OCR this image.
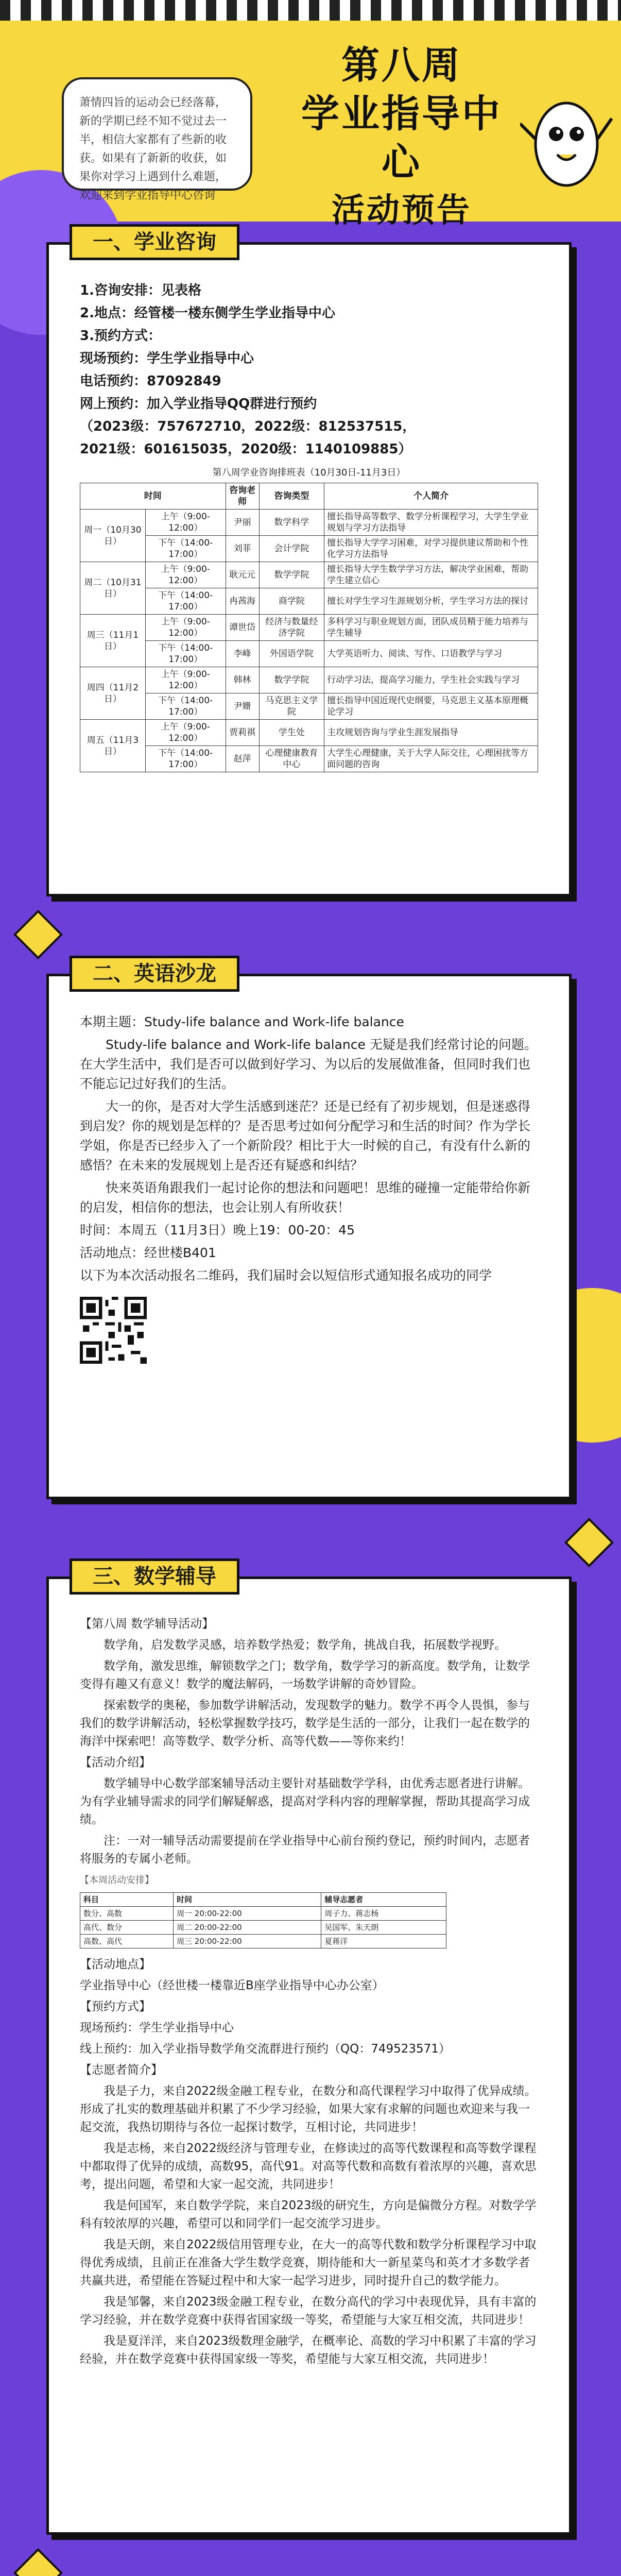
萧情四旨的运动会已经落幕，新的学期已经不知不觉过去一半，相信大家都有了些新的收获。如果有了新新的收获，如果你对学习上遇到什么难题，欢迎来到学业指导中心咨询
第八周
学业指导中心
活动预告
一、学业咨询

1.咨询安排：见表格

2.地点：经管楼一楼东侧学生学业指导中心

3.预约方式：

现场预约：学生学业指导中心

电话预约：87092849

网上预约：加入学业指导QQ群进行预约

（2023级：757672710，2022级：812537515，

2021级：601615035，2020级：1140109885）

第八周学业咨询排班表（10月30日-11月3日）
时间		咨询老师	咨询类型	个人简介
周一（10月30日）	上午（9:00-12:00）	尹丽	数学科学	擅长指导高等数学、数学分析课程学习，大学生学业规划与学习方法指导
	下午（14:00-17:00）	刘菲	会计学院	擅长指导大学学习困难，对学习提供建议帮助和个性化学习方法指导
周二（10月31日）	上午（9:00-12:00）	耿元元	数学学院	擅长指导大学生数学学习方法，解决学业困难，帮助学生建立信心
	下午（14:00-17:00）	冉茜海	商学院	擅长对学生学习生涯规划分析，学生学习方法的探讨
周三（11月1日）	上午（9:00-12:00）	谭世岱	经济与数量经济学院	多科学习与职业规划方面，团队成员精于能力培养与学生辅导
	下午（14:00-17:00）	李峰	外国语学院	大学英语听力、阅读、写作、口语教学与学习
周四（11月2日）	上午（9:00-12:00）	韩林	数学学院	行动学习法，提高学习能力，学生社会实践与学习
	下午（14:00-17:00）	尹姗	马克思主义学院	擅长指导中国近现代史纲要，马克思主义基本原理概论学习
周五（11月3日）	上午（9:00-12:00）	贾莉祺	学生处	主攻规划咨询与学业生涯发展指导
	下午（14:00-17:00）	赵萍	心理健康教育中心	大学生心理健康，关于大学人际交往，心理困扰等方面问题的咨询
二、英语沙龙

本期主题：Study-life balance and Work-life balance

Study-life balance and Work-life balance 无疑是我们经常讨论的问题。在大学生活中，我们是否可以做到好学习、为以后的发展做准备，但同时我们也不能忘记过好我们的生活。

大一的你，是否对大学生活感到迷茫？还是已经有了初步规划，但是迷惑得到启发？你的规划是怎样的？是否思考过如何分配学习和生活的时间？作为学长学姐，你是否已经步入了一个新阶段？相比于大一时候的自己，有没有什么新的感悟？在未来的发展规划上是否还有疑惑和纠结？

快来英语角跟我们一起讨论你的想法和问题吧！思维的碰撞一定能带给你新的启发，相信你的想法，也会让别人有所收获！

时间：本周五（11月3日）晚上19：00-20：45

活动地点：经世楼B401

以下为本次活动报名二维码，我们届时会以短信形式通知报名成功的同学

三、数学辅导

【第八周 数学辅导活动】

数学角，启发数学灵感，培养数学热爱；数学角，挑战自我，拓展数学视野。

数学角，激发思维，解锁数学之门；数学角，数学学习的新高度。数学角，让数学变得有趣又有意义！数学的魔法解码，一场数学讲解的奇妙冒险。

探索数学的奥秘，参加数学讲解活动，发现数学的魅力。数学不再令人畏惧，参与我们的数学讲解活动，轻松掌握数学技巧，数学是生活的一部分，让我们一起在数学的海洋中探索吧！高等数学、数学分析、高等代数——等你来约！

【活动介绍】

数学辅导中心数学部案辅导活动主要针对基础数学学科，由优秀志愿者进行讲解。为有学业辅导需求的同学们解疑解惑，提高对学科内容的理解掌握，帮助其提高学习成绩。

注：一对一辅导活动需要提前在学业指导中心前台预约登记，预约时间内，志愿者将服务的专属小老师。

【本周活动安排】

科目	时间	辅导志愿者
数分、高数	周一 20:00-22:00	周子力、蒋志杨
高代、数分	周二 20:00-22:00	吴国军、朱天朗
高数、高代	周三 20:00-22:00	夏蒋洋

【活动地点】

学业指导中心（经世楼一楼靠近B座学业指导中心办公室）

【预约方式】

现场预约：学生学业指导中心

线上预约：加入学业指导数学角交流群进行预约（QQ：749523571）

【志愿者简介】

我是子力，来自2022级金融工程专业，在数分和高代课程学习中取得了优异成绩。形成了扎实的数理基础并积累了不少学习经验，如果大家有求解的问题也欢迎来与我一起交流，我热切期待与各位一起探讨数学，互相讨论，共同进步！

我是志杨，来自2022级经济与管理专业，在修读过的高等代数课程和高等数学课程中都取得了优异的成绩，高数95，高代91。对高等代数和高数有着浓厚的兴趣，喜欢思考，提出问题，希望和大家一起交流，共同进步！

我是何国军，来自数学学院，来自2023级的研究生，方向是偏微分方程。对数学学科有较浓厚的兴趣，希望可以和同学们一起交流学习进步。

我是天朗，来自2022级信用管理专业，在大一的高等代数和数学分析课程学习中取得优秀成绩，且前正在准备大学生数学竞赛，期待能和大一新星菜鸟和英才才多数学者共赢共进，希望能在答疑过程中和大家一起学习进步，同时提升自己的数学能力。

我是邹馨，来自2023级金融工程专业，在数分高代的学习中表现优异，具有丰富的学习经验，并在数学竞赛中获得省国家级一等奖，希望能与大家互相交流，共同进步！

我是夏洋洋，来自2023级数理金融学，在概率论、高数的学习中积累了丰富的学习经验，并在数学竞赛中获得国家级一等奖，希望能与大家互相交流，共同进步！
